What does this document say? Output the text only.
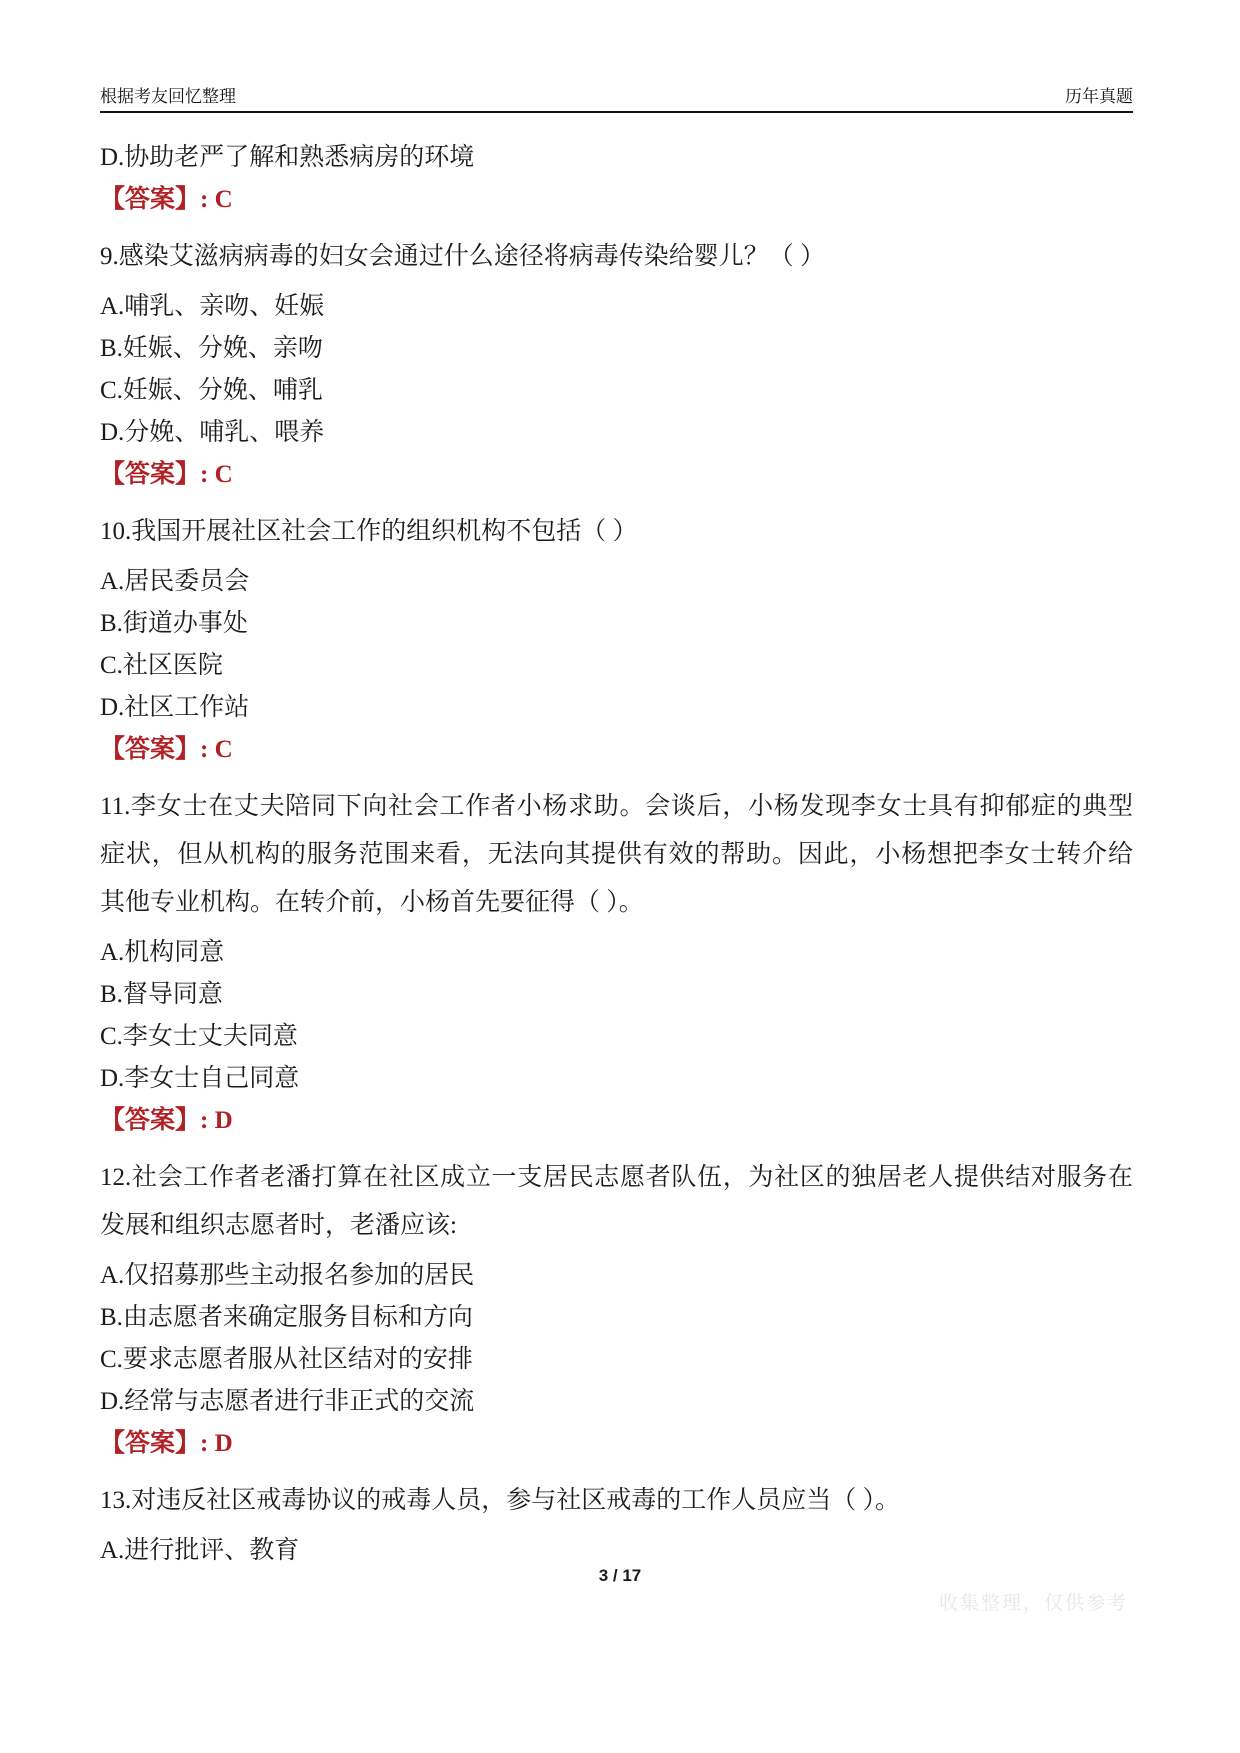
根据考友回忆整理	历年真题
D.协助老严了解和熟悉病房的环境
【答案】: C
9.感染艾滋病病毒的妇女会通过什么途径将病毒传染给婴儿？（ ）
A.哺乳、亲吻、妊娠
B.妊娠、分娩、亲吻
C.妊娠、分娩、哺乳
D.分娩、哺乳、喂养
【答案】: C
10.我国开展社区社会工作的组织机构不包括（ ）
A.居民委员会
B.街道办事处
C.社区医院
D.社区工作站
【答案】: C
11.李女士在丈夫陪同下向社会工作者小杨求助。会谈后，小杨发现李女士具有抑郁症的典型
症状，但从机构的服务范围来看，无法向其提供有效的帮助。因此，小杨想把李女士转介给
其他专业机构。在转介前，小杨首先要征得（ ）。
A.机构同意
B.督导同意
C.李女士丈夫同意
D.李女士自己同意
【答案】: D
12.社会工作者老潘打算在社区成立一支居民志愿者队伍，为社区的独居老人提供结对服务在
发展和组织志愿者时，老潘应该:
A.仅招募那些主动报名参加的居民
B.由志愿者来确定服务目标和方向
C.要求志愿者服从社区结对的安排
D.经常与志愿者进行非正式的交流
【答案】: D
13.对违反社区戒毒协议的戒毒人员，参与社区戒毒的工作人员应当（ ）。
A.进行批评、教育
3 / 17
收集整理，仅供参考
